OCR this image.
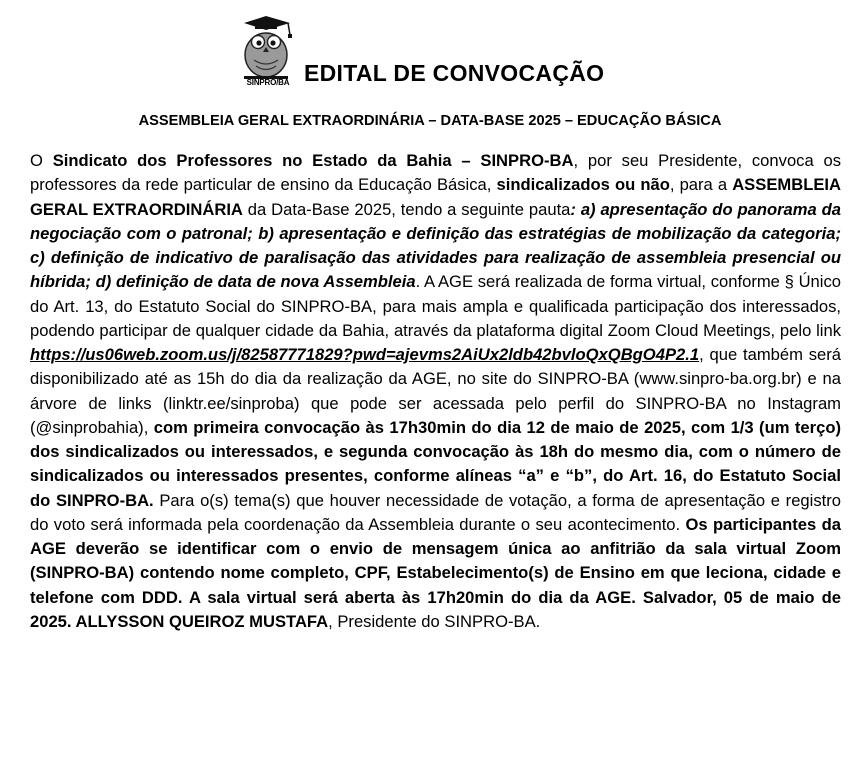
SINPRO/BA EDITAL DE CONVOCAÇÃO
ASSEMBLEIA GERAL EXTRAORDINÁRIA – DATA-BASE 2025 – EDUCAÇÃO BÁSICA
O Sindicato dos Professores no Estado da Bahia – SINPRO-BA, por seu Presidente, convoca os professores da rede particular de ensino da Educação Básica, sindicalizados ou não, para a ASSEMBLEIA GERAL EXTRAORDINÁRIA da Data-Base 2025, tendo a seguinte pauta: a) apresentação do panorama da negociação com o patronal; b) apresentação e definição das estratégias de mobilização da categoria; c) definição de indicativo de paralisação das atividades para realização de assembleia presencial ou híbrida; d) definição de data de nova Assembleia. A AGE será realizada de forma virtual, conforme § Único do Art. 13, do Estatuto Social do SINPRO-BA, para mais ampla e qualificada participação dos interessados, podendo participar de qualquer cidade da Bahia, através da plataforma digital Zoom Cloud Meetings, pelo link https://us06web.zoom.us/j/82587771829?pwd=ajevms2AiUx2ldb42bvloQxQBgO4P2.1, que também será disponibilizado até as 15h do dia da realização da AGE, no site do SINPRO-BA (www.sinpro-ba.org.br) e na árvore de links (linktr.ee/sinproba) que pode ser acessada pelo perfil do SINPRO-BA no Instagram (@sinprobahia), com primeira convocação às 17h30min do dia 12 de maio de 2025, com 1/3 (um terço) dos sindicalizados ou interessados, e segunda convocação às 18h do mesmo dia, com o número de sindicalizados ou interessados presentes, conforme alíneas “a” e “b”, do Art. 16, do Estatuto Social do SINPRO-BA. Para o(s) tema(s) que houver necessidade de votação, a forma de apresentação e registro do voto será informada pela coordenação da Assembleia durante o seu acontecimento. Os participantes da AGE deverão se identificar com o envio de mensagem única ao anfitrião da sala virtual Zoom (SINPRO-BA) contendo nome completo, CPF, Estabelecimento(s) de Ensino em que leciona, cidade e telefone com DDD. A sala virtual será aberta às 17h20min do dia da AGE. Salvador, 05 de maio de 2025. ALLYSSON QUEIROZ MUSTAFA, Presidente do SINPRO-BA.
